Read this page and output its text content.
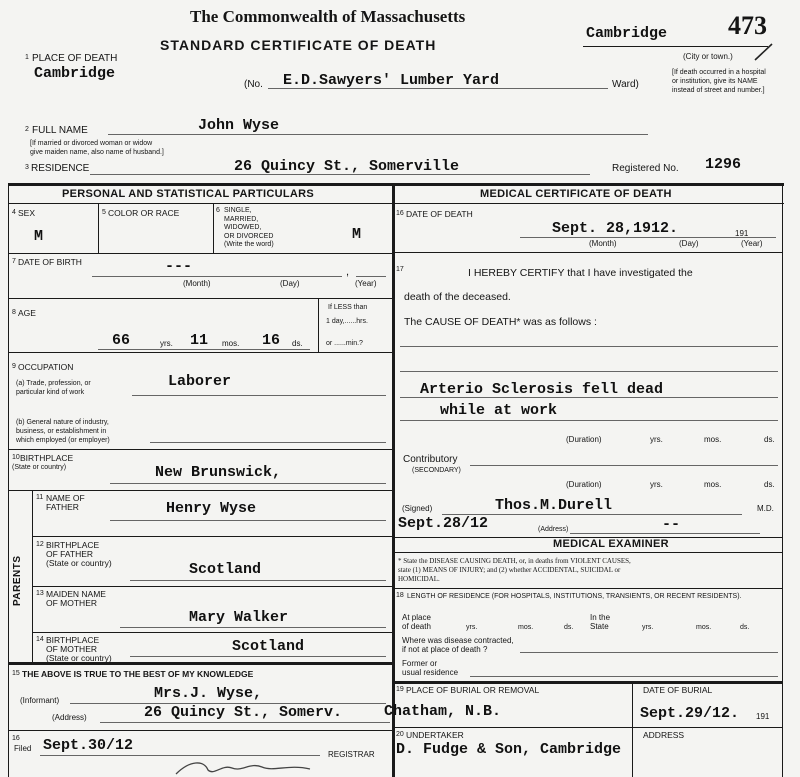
The Commonwealth of Massachusetts
STANDARD CERTIFICATE OF DEATH
Cambridge 473
(City or town.)
1 PLACE OF DEATH
Cambridge
(No. E.D.Sawyers' Lumber Yard	Ward)
[If death occurred in a hospital or institution, give its NAME instead of street and number.]
2 FULL NAME	John Wyse
[If married or divorced woman or widow
give maiden name, also name of husband.]
3 RESIDENCE	26 Quincy St., Somerville	Registered No. 1296
PERSONAL AND STATISTICAL PARTICULARS	MEDICAL CERTIFICATE OF DEATH
4 SEX
M
5 COLOR OR RACE	6 SINGLE,
MARRIED,
WIDOWED,
OR DIVORCED
(Write the word)
M
7 DATE OF BIRTH	---	,
(Month)	(Day)	(Year)
8 AGE
66	yrs. 11 mos. 16 ds.
If LESS than
1 day,......hrs.
or ......min.?
9 OCCUPATION
(a) Trade, profession, or
particular kind of work
Laborer
(b) General nature of industry,
business, or establishment in
which employed (or employer)
10 BIRTHPLACE
(State or country)	New Brunswick,
PARENTS
11 NAME OF
FATHER	Henry Wyse
12 BIRTHPLACE
OF FATHER
(State or country)	Scotland
13 MAIDEN NAME
OF MOTHER
Mary Walker
14 BIRTHPLACE
OF MOTHER
(State or country)
Scotland
15 THE ABOVE IS TRUE TO THE BEST OF MY KNOWLEDGE
(Informant)	Mrs.J. Wyse,
(Address)	26 Quincy St., Somerv.
16
Filed Sept.30/12
REGISTRAR
16 DATE OF DEATH
Sept. 28,1912.	191
(Month)	(Day)	(Year)
17	I HEREBY CERTIFY that I have investigated the
death of the deceased.
The CAUSE OF DEATH* was as follows :
Arterio Sclerosis fell dead
while at work
(Duration)	yrs.	mos.	ds.
Contributory
(SECONDARY)
(Duration)	yrs.	mos.	ds.
(Signed)	Thos.M.Durell	M.D.
Sept.28/12	(Address)	--
MEDICAL EXAMINER
* State the DISEASE CAUSING DEATH, or, in deaths from VIOLENT CAUSES,
state (1) MEANS OF INJURY; and (2) whether ACCIDENTAL, SUICIDAL or
HOMICIDAL.
18 LENGTH OF RESIDENCE (FOR HOSPITALS, INSTITUTIONS, TRANSIENTS, OR RECENT RESIDENTS).
At place
of death	yrs.	mos.	ds.
In the
State	yrs.	mos.	ds.
Where was disease contracted,
if not at place of death ?
Former or
usual residence
19 PLACE OF BURIAL OR REMOVAL
Chatham, N.B.
DATE OF BURIAL
Sept.29/12. 191
20 UNDERTAKER
D. Fudge & Son, Cambridge
ADDRESS
